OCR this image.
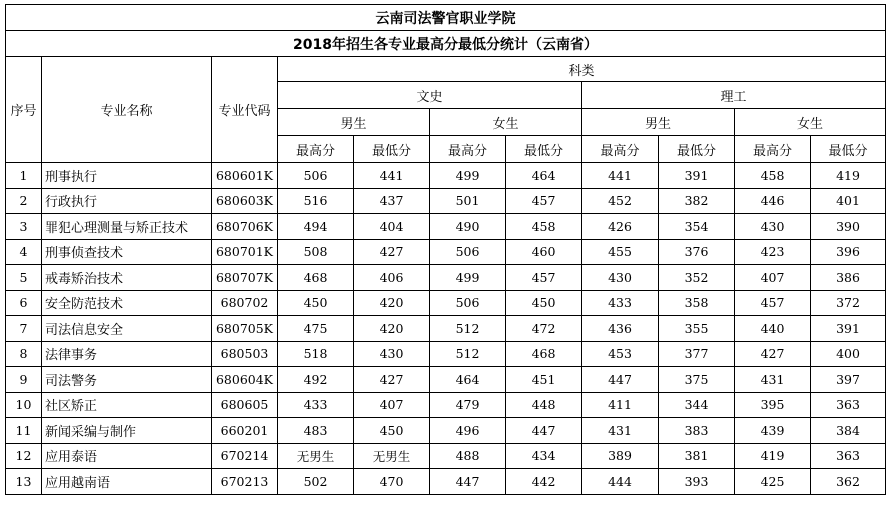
云南司法警官职业学院										
2018年招生各专业最高分最低分统计（云南省）										
序号	专业名称	专业代码	科类							
			文史				理工			
			男生		女生		男生		女生	
			最高分	最低分	最高分	最低分	最高分	最低分	最高分	最低分
1	刑事执行	680601K	506	441	499	464	441	391	458	419
2	行政执行	680603K	516	437	501	457	452	382	446	401
3	罪犯心理测量与矫正技术	680706K	494	404	490	458	426	354	430	390
4	刑事侦查技术	680701K	508	427	506	460	455	376	423	396
5	戒毒矫治技术	680707K	468	406	499	457	430	352	407	386
6	安全防范技术	680702	450	420	506	450	433	358	457	372
7	司法信息安全	680705K	475	420	512	472	436	355	440	391
8	法律事务	680503	518	430	512	468	453	377	427	400
9	司法警务	680604K	492	427	464	451	447	375	431	397
10	社区矫正	680605	433	407	479	448	411	344	395	363
11	新闻采编与制作	660201	483	450	496	447	431	383	439	384
12	应用泰语	670214	无男生	无男生	488	434	389	381	419	363
13	应用越南语	670213	502	470	447	442	444	393	425	362
